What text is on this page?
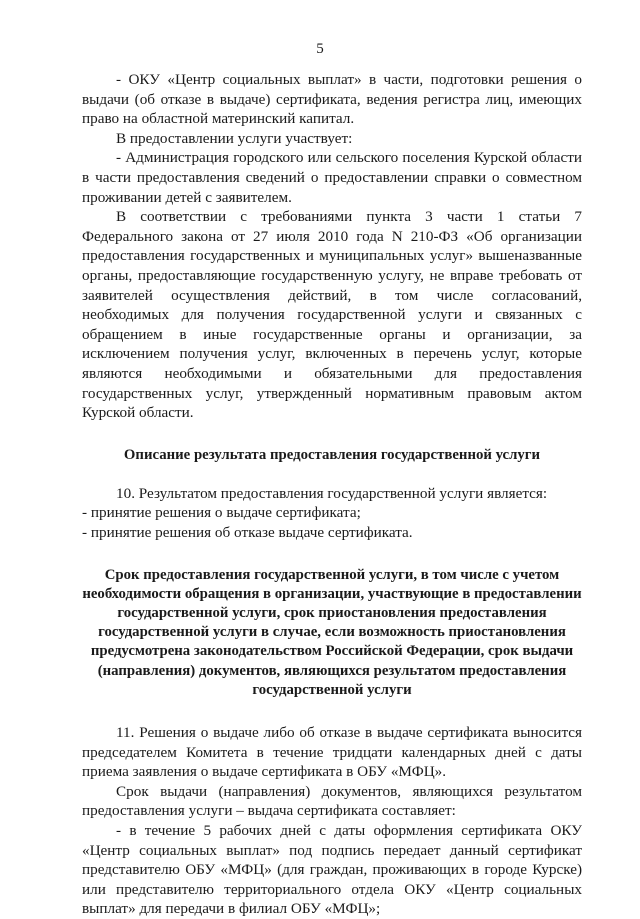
5

- ОКУ «Центр социальных выплат» в части, подготовки решения о выдачи (об отказе в выдаче) сертификата, ведения регистра лиц, имеющих право на областной материнский капитал.

В предоставлении услуги участвует:

- Администрация городского или сельского поселения Курской области в части предоставления сведений о предоставлении справки о совместном проживании детей с заявителем.

В соответствии с требованиями пункта 3 части 1 статьи 7 Федерального закона от 27 июля 2010 года N 210-ФЗ «Об организации предоставления государственных и муниципальных услуг» вышеназванные органы, предоставляющие государственную услугу, не вправе требовать от заявителей осуществления действий, в том числе согласований, необходимых для получения государственной услуги и связанных с обращением в иные государственные органы и организации, за исключением получения услуг, включенных в перечень услуг, которые являются необходимыми и обязательными для предоставления государственных услуг, утвержденный нормативным правовым актом Курской области.

Описание результата предоставления государственной услуги

10. Результатом предоставления государственной услуги является:

- принятие решения о выдаче сертификата;

- принятие решения об отказе выдаче сертификата.

Срок предоставления государственной услуги, в том числе с учетом необходимости обращения в организации, участвующие в предоставлении государственной услуги, срок приостановления предоставления государственной услуги в случае, если возможность приостановления предусмотрена законодательством Российской Федерации, срок выдачи (направления) документов, являющихся результатом предоставления государственной услуги

11. Решения о выдаче либо об отказе в выдаче сертификата выносится председателем Комитета в течение тридцати календарных дней с даты приема заявления о выдаче сертификата в ОБУ «МФЦ».

Срок выдачи (направления) документов, являющихся результатом предоставления услуги – выдача сертификата составляет:

- в течение 5 рабочих дней с даты оформления сертификата ОКУ «Центр социальных выплат» под подпись передает данный сертификат представителю ОБУ «МФЦ» (для граждан, проживающих в городе Курске) или представителю территориального отдела ОКУ «Центр социальных выплат» для передачи в филиал ОБУ «МФЦ»;
